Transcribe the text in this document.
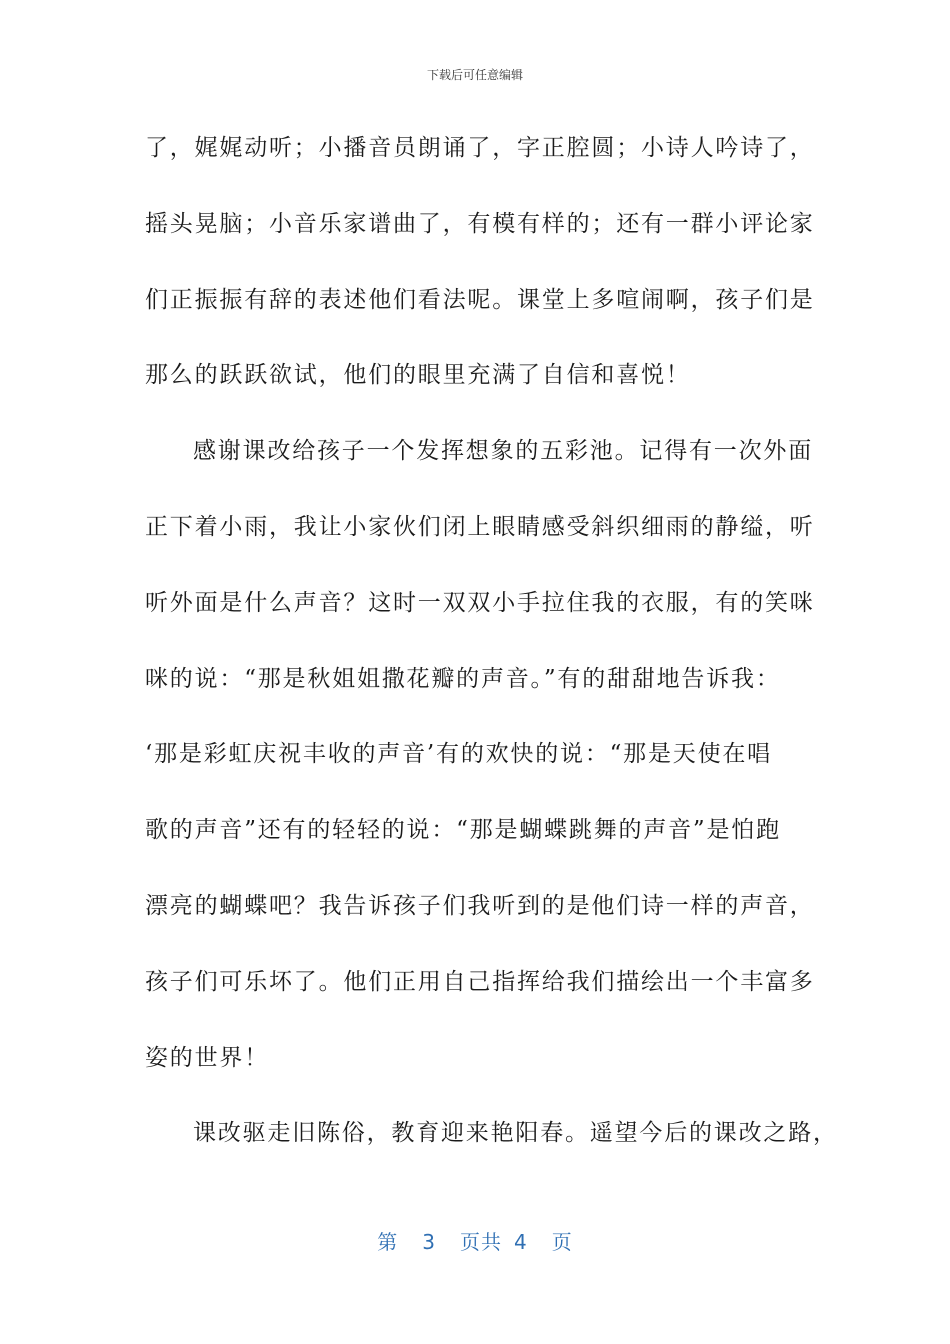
下载后可任意编辑
了，娓娓动听；小播音员朗诵了，字正腔圆；小诗人吟诗了，
摇头晃脑；小音乐家谱曲了，有模有样的；还有一群小评论家
们正振振有辞的表述他们看法呢。课堂上多喧闹啊，孩子们是
那么的跃跃欲试，他们的眼里充满了自信和喜悦！
感谢课改给孩子一个发挥想象的五彩池。记得有一次外面
正下着小雨，我让小家伙们闭上眼睛感受斜织细雨的静缢，听
听外面是什么声音？这时一双双小手拉住我的衣服，有的笑咪
咪的说：“那是秋姐姐撒花瓣的声音。”有的甜甜地告诉我：
‘那是彩虹庆祝丰收的声音’有的欢快的说：“那是天使在唱
歌的声音”还有的轻轻的说：“那是蝴蝶跳舞的声音”是怕跑
漂亮的蝴蝶吧？我告诉孩子们我听到的是他们诗一样的声音，
孩子们可乐坏了。他们正用自己指挥给我们描绘出一个丰富多
姿的世界！
课改驱走旧陈俗，教育迎来艳阳春。遥望今后的课改之路，
第 3 页共 4 页
